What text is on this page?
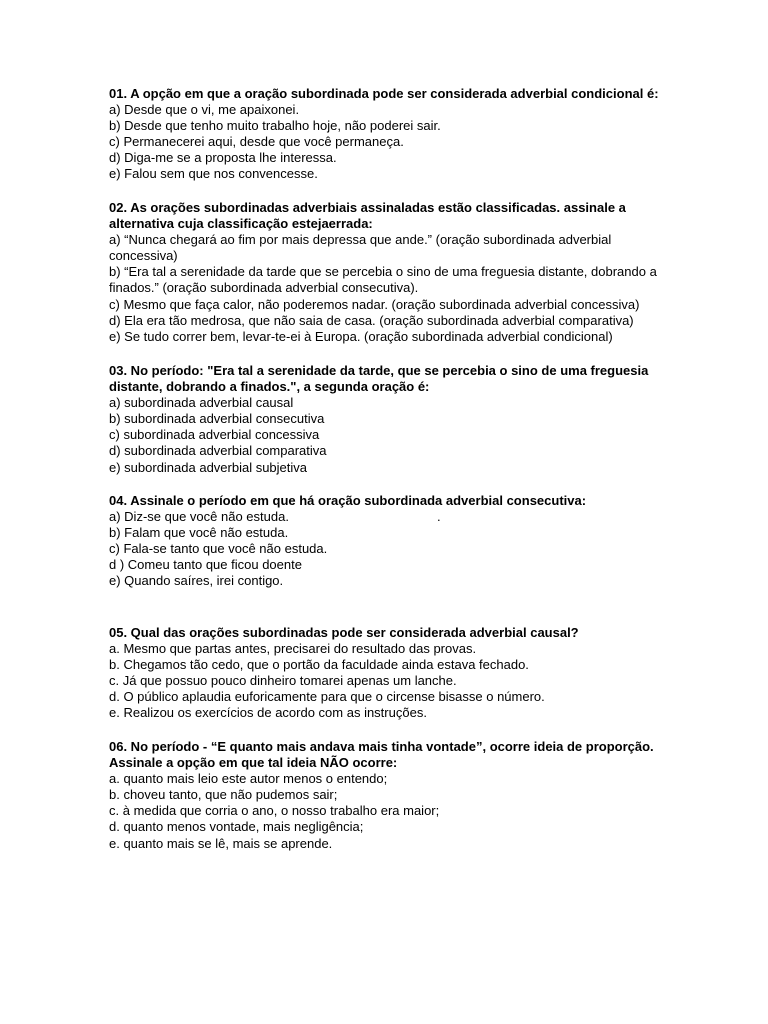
01. A opção em que a oração subordinada pode ser considerada adverbial condicional é:

a) Desde que o vi, me apaixonei.

b) Desde que tenho muito trabalho hoje, não poderei sair.

c) Permanecerei aqui, desde que você permaneça.

d) Diga-me se a proposta lhe interessa.

e) Falou sem que nos convencesse.

02. As orações subordinadas adverbiais assinaladas estão classificadas. assinale a alternativa cuja classificação estejaerrada:

a) “Nunca chegará ao fim por mais depressa que ande.” (oração subordinada adverbial concessiva)

b) “Era tal a serenidade da tarde que se percebia o sino de uma freguesia distante, dobrando a finados.” (oração subordinada adverbial consecutiva).

c) Mesmo que faça calor, não poderemos nadar. (oração subordinada adverbial concessiva)

d) Ela era tão medrosa, que não saia de casa. (oração subordinada adverbial comparativa)

e) Se tudo correr bem, levar-te-ei à Europa. (oração subordinada adverbial condicional)

03. No período: "Era tal a serenidade da tarde, que se percebia o sino de uma freguesia distante, dobrando a finados.", a segunda oração é:

a) subordinada adverbial causal

b) subordinada adverbial consecutiva

c) subordinada adverbial concessiva

d) subordinada adverbial comparativa

e) subordinada adverbial subjetiva

04. Assinale o período em que há oração subordinada adverbial consecutiva:

a) Diz-se que você não estuda.                                         .

b) Falam que você não estuda.

c) Fala-se tanto que você não estuda.

d ) Comeu tanto que ficou doente

e) Quando saíres, irei contigo.

05. Qual das orações subordinadas pode ser considerada adverbial causal?

a. Mesmo que partas antes, precisarei do resultado das provas.

b. Chegamos tão cedo, que o portão da faculdade ainda estava fechado.

c. Já que possuo pouco dinheiro tomarei apenas um lanche.

d. O público aplaudia euforicamente para que o circense bisasse o número.

e. Realizou os exercícios de acordo com as instruções.

06. No período - “E quanto mais andava mais tinha vontade”, ocorre ideia de proporção. Assinale a opção em que tal ideia NÃO ocorre:

a. quanto mais leio este autor menos o entendo;

b. choveu tanto, que não pudemos sair;

c. à medida que corria o ano, o nosso trabalho era maior;

d. quanto menos vontade, mais negligência;

e. quanto mais se lê, mais se aprende.
